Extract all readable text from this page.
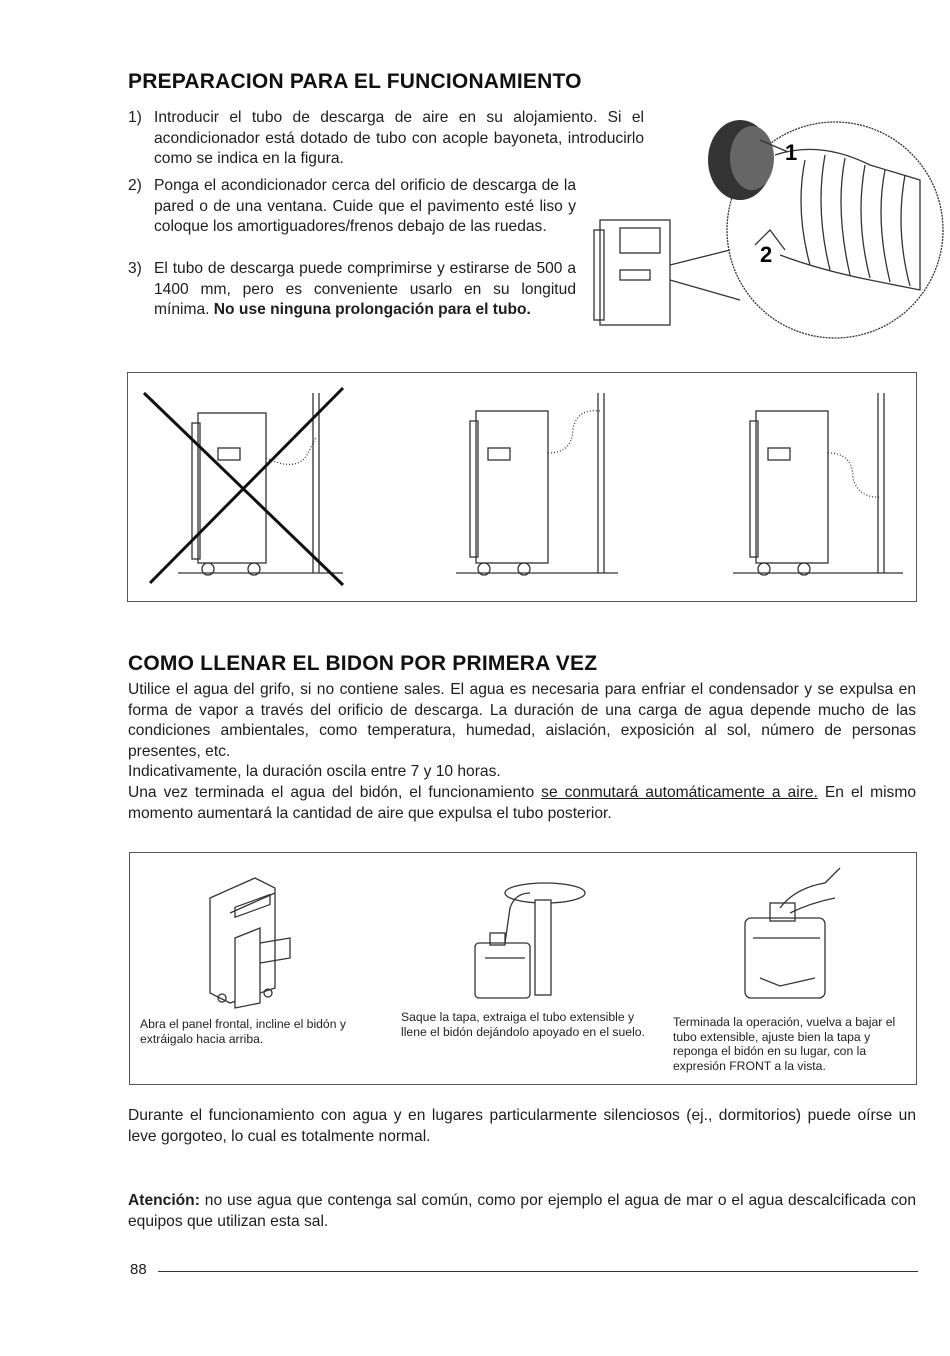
PREPARACION PARA EL FUNCIONAMIENTO
1) Introducir el tubo de descarga de aire en su alojamiento. Si el acondicionador está dotado de tubo con acople bayoneta, introducirlo como se indica en la figura.
2) Ponga el acondicionador cerca del orificio de descarga de la pared o de una ventana. Cuide que el pavimento esté liso y coloque los amortiguadores/frenos debajo de las ruedas.
3) El tubo de descarga puede comprimirse y estirarse de 500 a 1400 mm, pero es conveniente usarlo en su longitud mínima. No use ninguna prolongación para el tubo.
1
2
COMO LLENAR EL BIDON POR PRIMERA VEZ
Utilice el agua del grifo, si no contiene sales. El agua es necesaria para enfriar el condensador y se expulsa en forma de vapor a través del orificio de descarga. La duración de una carga de agua depende mucho de las condiciones ambientales, como temperatura, humedad, aislación, exposición al sol, número de personas presentes, etc.
Indicativamente, la duración oscila entre 7 y 10 horas.
Una vez terminada el agua del bidón, el funcionamiento se conmutará automáticamente a aire. En el mismo momento aumentará la cantidad de aire que expulsa el tubo posterior.
Abra el panel frontal, incline el bidón y extráigalo hacia arriba.
Saque la tapa, extraiga el tubo extensible y llene el bidón dejándolo apoyado en el suelo.
Terminada la operación, vuelva a bajar el tubo extensible, ajuste bien la tapa y reponga el bidón en su lugar, con la expresión FRONT a la vista.
Durante el funcionamiento con agua y en lugares particularmente silenciosos (ej., dormitorios) puede oírse un leve gorgoteo, lo cual es totalmente normal.
Atención: no use agua que contenga sal común, como por ejemplo el agua de mar o el agua descalcificada con equipos que utilizan esta sal.
88
